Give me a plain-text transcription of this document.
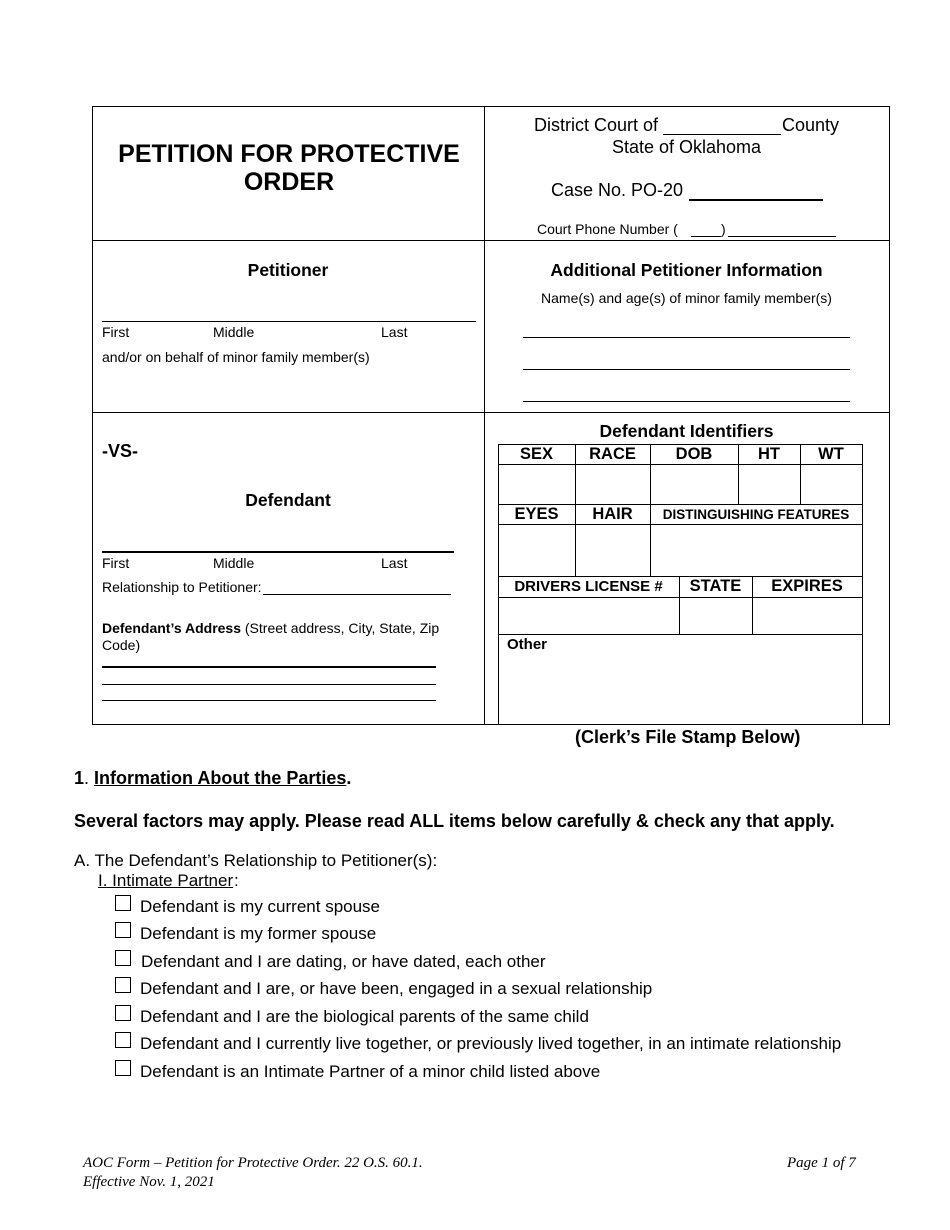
PETITION FOR PROTECTIVE ORDER
District Court of	County
State of Oklahoma
Case No. PO-20
Court Phone Number (	)
Petitioner
First	Middle	Last
and/or on behalf of minor family member(s)
Additional Petitioner Information
Name(s) and age(s) of minor family member(s)
-VS-
Defendant
First	Middle	Last
Relationship to Petitioner:
Defendant’s Address (Street address, City, State, Zip Code)
Defendant Identifiers
SEX	RACE	DOB	HT	WT
EYES	HAIR	DISTINGUISHING FEATURES
DRIVERS LICENSE #	STATE	EXPIRES
Other
(Clerk’s File Stamp Below)
1. Information About the Parties.
Several factors may apply. Please read ALL items below carefully & check any that apply.
A. The Defendant’s Relationship to Petitioner(s):
I. Intimate Partner :
Defendant is my current spouse
Defendant is my former spouse
Defendant and I are dating, or have dated, each other
Defendant and I are, or have been, engaged in a sexual relationship
Defendant and I are the biological parents of the same child
Defendant and I currently live together, or previously lived together, in an intimate relationship
Defendant is an Intimate Partner of a minor child listed above
AOC Form – Petition for Protective Order. 22 O.S. 60.1.
Effective Nov. 1, 2021
Page 1 of 7
